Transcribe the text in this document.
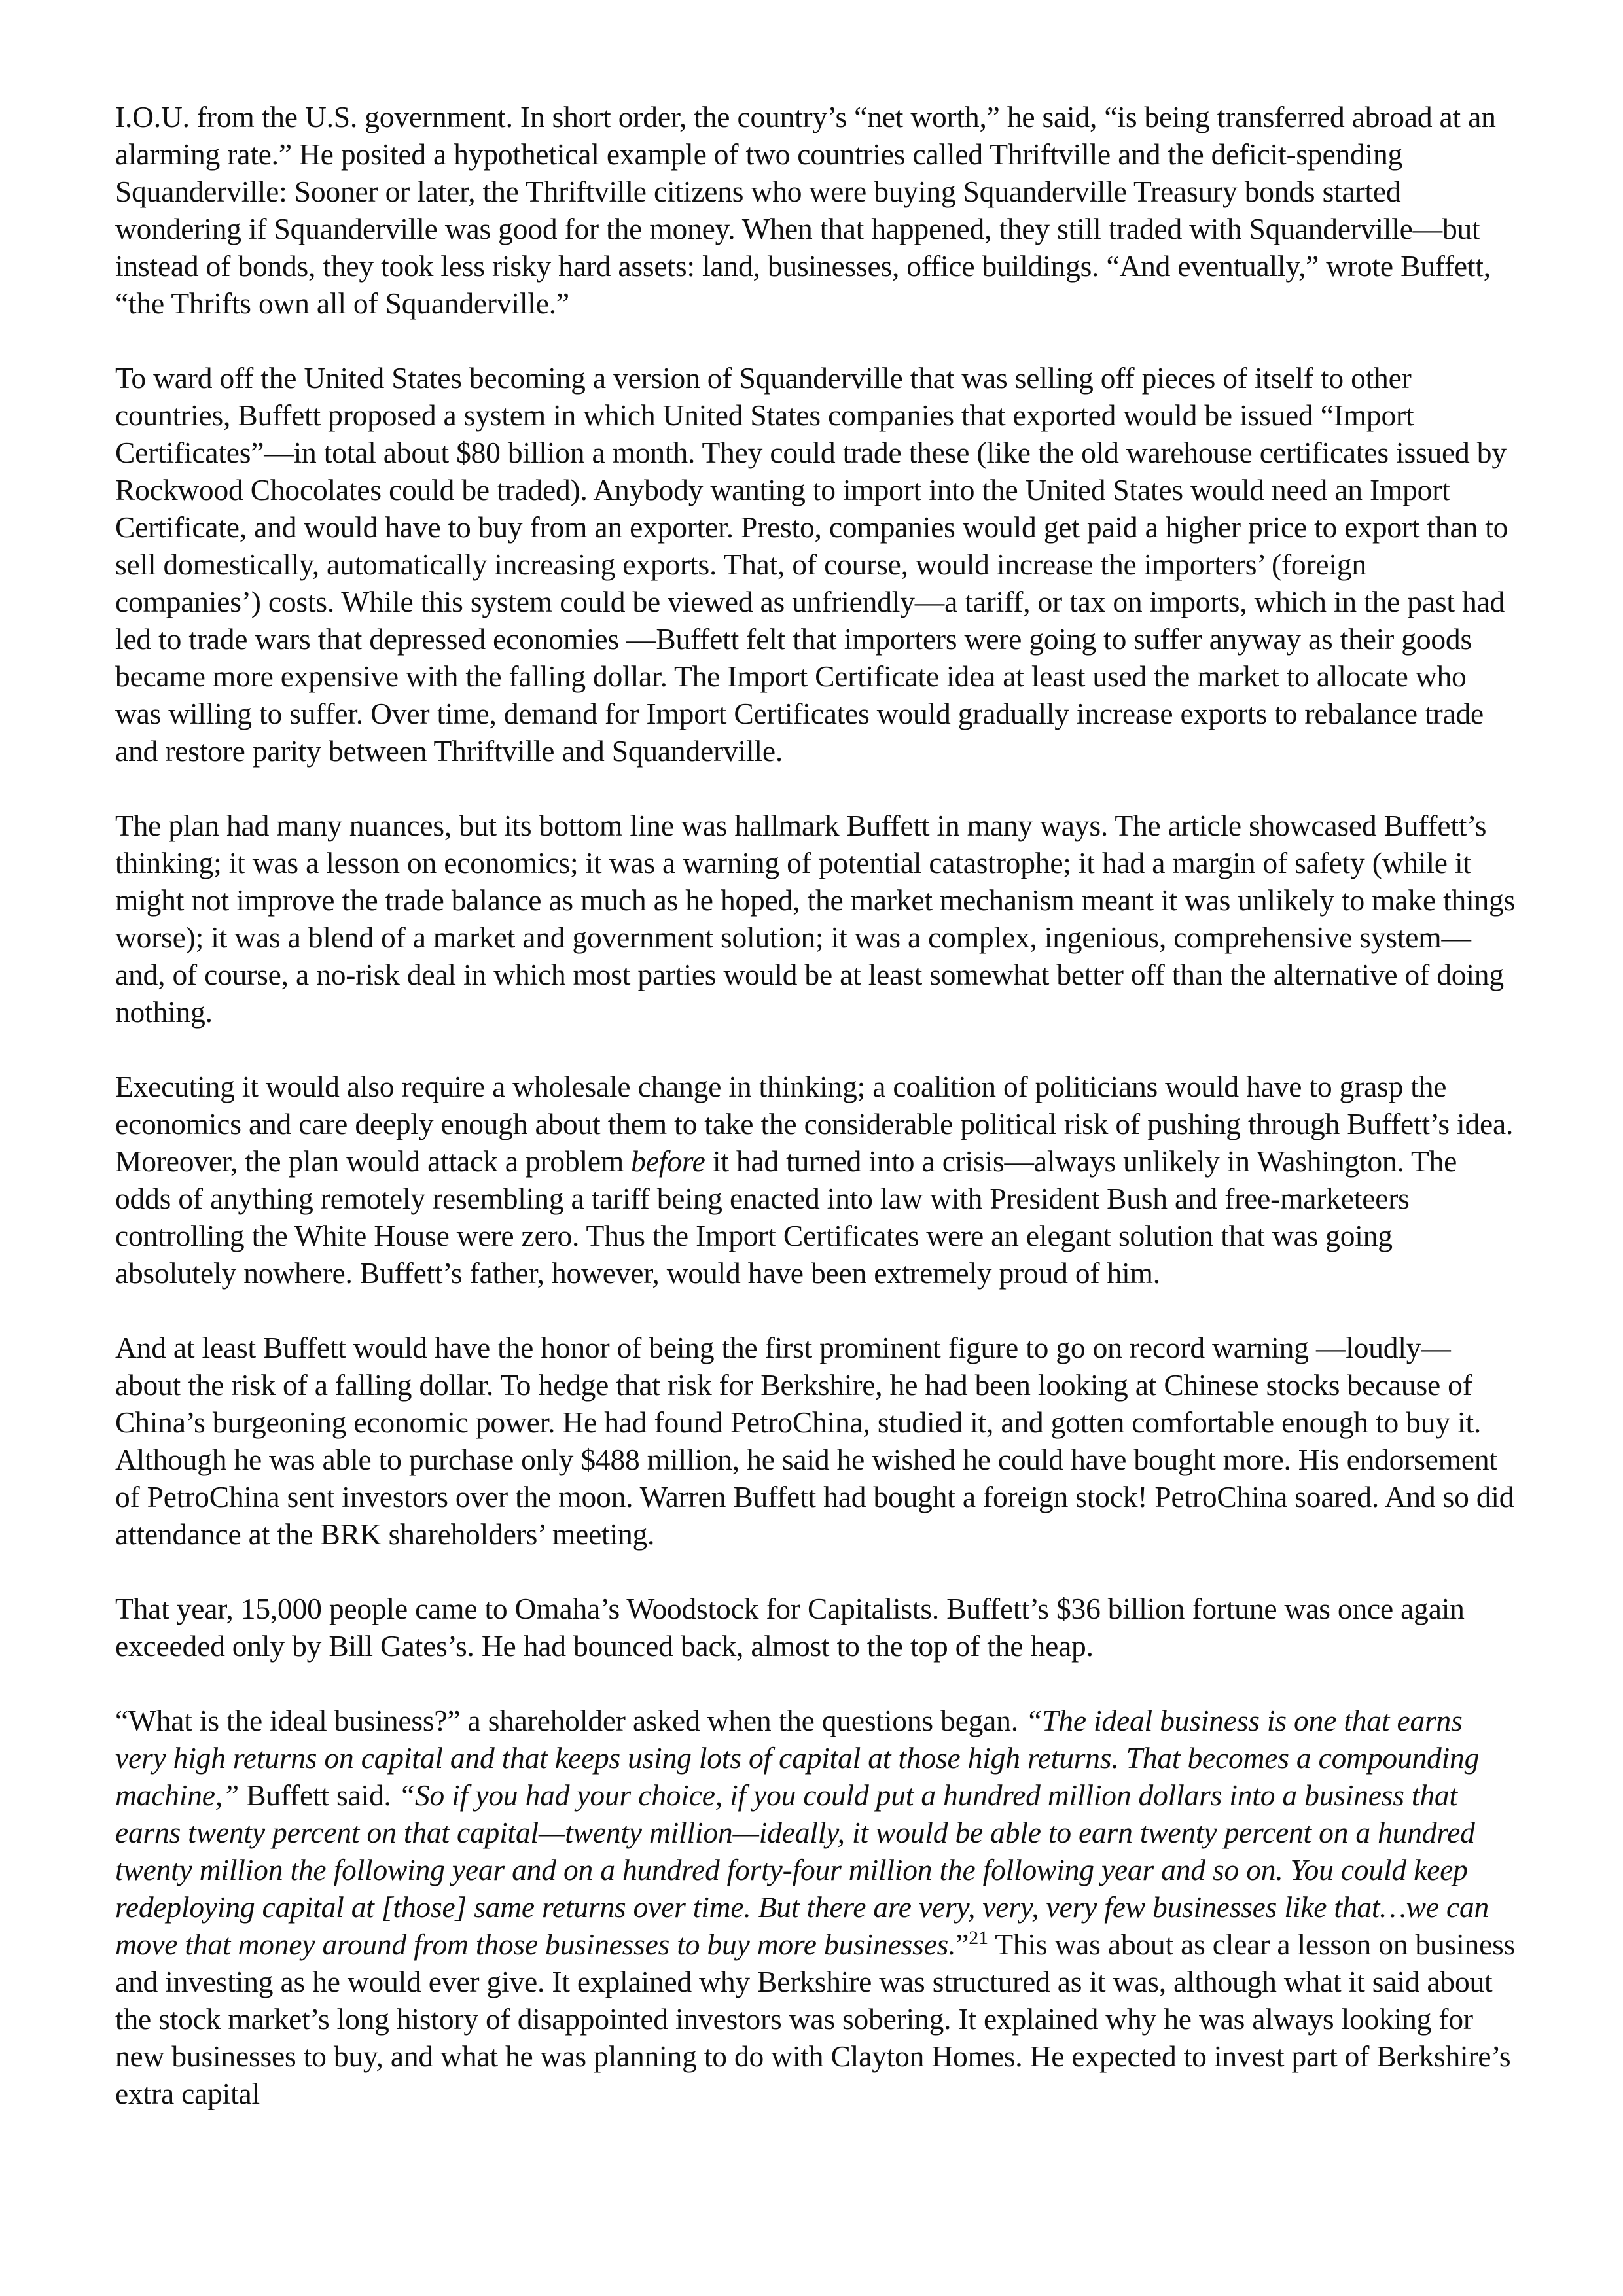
I.O.U. from the U.S. government. In short order, the country’s “net worth,” he said, “is being transferred abroad at an alarming rate.” He posited a hypothetical example of two countries called Thriftville and the deficit-spending Squanderville: Sooner or later, the Thriftville citizens who were buying Squanderville Treasury bonds started wondering if Squanderville was good for the money. When that happened, they still traded with Squanderville—but instead of bonds, they took less risky hard assets: land, businesses, office buildings. “And eventually,” wrote Buffett, “the Thrifts own all of Squanderville.”

To ward off the United States becoming a version of Squanderville that was selling off pieces of itself to other countries, Buffett proposed a system in which United States companies that exported would be issued “Import Certificates”—in total about $80 billion a month. They could trade these (like the old warehouse certificates issued by Rockwood Chocolates could be traded). Anybody wanting to import into the United States would need an Import Certificate, and would have to buy from an exporter. Presto, companies would get paid a higher price to export than to sell domestically, automatically increasing exports. That, of course, would increase the importers’ (foreign companies’) costs. While this system could be viewed as unfriendly—a tariff, or tax on imports, which in the past had led to trade wars that depressed economies —Buffett felt that importers were going to suffer anyway as their goods became more expensive with the falling dollar. The Import Certificate idea at least used the market to allocate who was willing to suffer. Over time, demand for Import Certificates would gradually increase exports to rebalance trade and restore parity between Thriftville and Squanderville.

The plan had many nuances, but its bottom line was hallmark Buffett in many ways. The article showcased Buffett’s thinking; it was a lesson on economics; it was a warning of potential catastrophe; it had a margin of safety (while it might not improve the trade balance as much as he hoped, the market mechanism meant it was unlikely to make things worse); it was a blend of a market and government solution; it was a complex, ingenious, comprehensive system—and, of course, a no-risk deal in which most parties would be at least somewhat better off than the alternative of doing nothing.

Executing it would also require a wholesale change in thinking; a coalition of politicians would have to grasp the economics and care deeply enough about them to take the considerable political risk of pushing through Buffett’s idea. Moreover, the plan would attack a problem before it had turned into a crisis—always unlikely in Washington. The odds of anything remotely resembling a tariff being enacted into law with President Bush and free-marketeers controlling the White House were zero. Thus the Import Certificates were an elegant solution that was going absolutely nowhere. Buffett’s father, however, would have been extremely proud of him.

And at least Buffett would have the honor of being the first prominent figure to go on record warning —loudly—about the risk of a falling dollar. To hedge that risk for Berkshire, he had been looking at Chinese stocks because of China’s burgeoning economic power. He had found PetroChina, studied it, and gotten comfortable enough to buy it. Although he was able to purchase only $488 million, he said he wished he could have bought more. His endorsement of PetroChina sent investors over the moon. Warren Buffett had bought a foreign stock! PetroChina soared. And so did attendance at the BRK shareholders’ meeting.

That year, 15,000 people came to Omaha’s Woodstock for Capitalists. Buffett’s $36 billion fortune was once again exceeded only by Bill Gates’s. He had bounced back, almost to the top of the heap.

“What is the ideal business?” a shareholder asked when the questions began. “The ideal business is one that earns very high returns on capital and that keeps using lots of capital at those high returns. That becomes a compounding machine,” Buffett said. “So if you had your choice, if you could put a hundred million dollars into a business that earns twenty percent on that capital—twenty million—ideally, it would be able to earn twenty percent on a hundred twenty million the following year and on a hundred forty-four million the following year and so on. You could keep redeploying capital at [those] same returns over time. But there are very, very, very few businesses like that…we can move that money around from those businesses to buy more businesses.”$^{21}$ This was about as clear a lesson on business and investing as he would ever give. It explained why Berkshire was structured as it was, although what it said about the stock market’s long history of disappointed investors was sobering. It explained why he was always looking for new businesses to buy, and what he was planning to do with Clayton Homes. He expected to invest part of Berkshire’s extra capital
